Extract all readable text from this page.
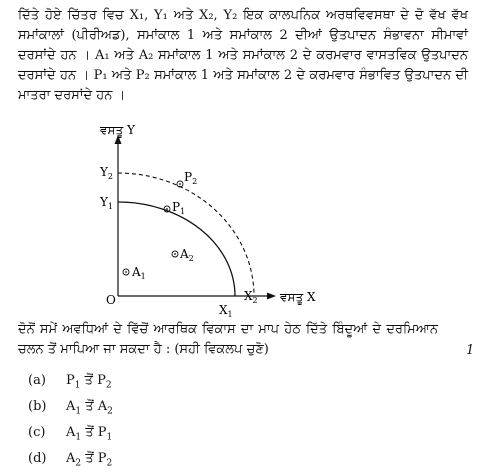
ਦਿੱਤੇ ਹੋਏ ਚਿੱਤਰ ਵਿਚ X₁, Y₁ ਅਤੇ X₂, Y₂ ਇਕ ਕਾਲਪਨਿਕ ਅਰਥਵਿਵਸਥਾ ਦੇ ਦੋ ਵੱਖ ਵੱਖ ਸਮਾਂਕਾਲਾਂ (ਪੀਰੀਅਡ), ਸਮਾਂਕਾਲ 1 ਅਤੇ ਸਮਾਂਕਾਲ 2 ਦੀਆਂ ਉਤਪਾਦਨ ਸੰਭਾਵਨਾ ਸੀਮਾਵਾਂ ਦਰਸਾਂਦੇ ਹਨ । A₁ ਅਤੇ A₂ ਸਮਾਂਕਾਲ 1 ਅਤੇ ਸਮਾਂਕਾਲ 2 ਦੇ ਕਰਮਵਾਰ ਵਾਸਤਵਿਕ ਉਤਪਾਦਨ ਦਰਸਾਂਦੇ ਹਨ । P₁ ਅਤੇ P₂ ਸਮਾਂਕਾਲ 1 ਅਤੇ ਸਮਾਂਕਾਲ 2 ਦੇ ਕਰਮਵਾਰ ਸੰਭਾਵਿਤ ਉਤਪਾਦਨ ਦੀ ਮਾਤਰਾ ਦਰਸਾਂਦੇ ਹਨ ।
ਵਸਤੂ Y
ਵਸਤੂ X
O
$Y_2$
$Y_1$
$X_1$
$X_2$
$P_1$
$P_2$
$A_1$
$A_2$
ਦੋਨੋਂ ਸਮੇਂ ਅਵਧਿਆਂ ਦੇ ਵਿੱਚੋਂ ਆਰਥਿਕ ਵਿਕਾਸ ਦਾ ਮਾਪ ਹੇਠ ਦਿੱਤੇ ਬਿੰਦੂਆਂ ਦੇ ਦਰਮਿਆਨ ਚਲਨ ਤੋਂ ਮਾਪਿਆ ਜਾ ਸਕਦਾ ਹੈ : (ਸਹੀ ਵਿਕਲਪ ਚੁਣੋ)	1
(a) $P_1$ ਤੋਂ $P_2$
(b) $A_1$ ਤੋਂ $A_2$
(c) $A_1$ ਤੋਂ $P_1$
(d) $A_2$ ਤੋਂ $P_2$
